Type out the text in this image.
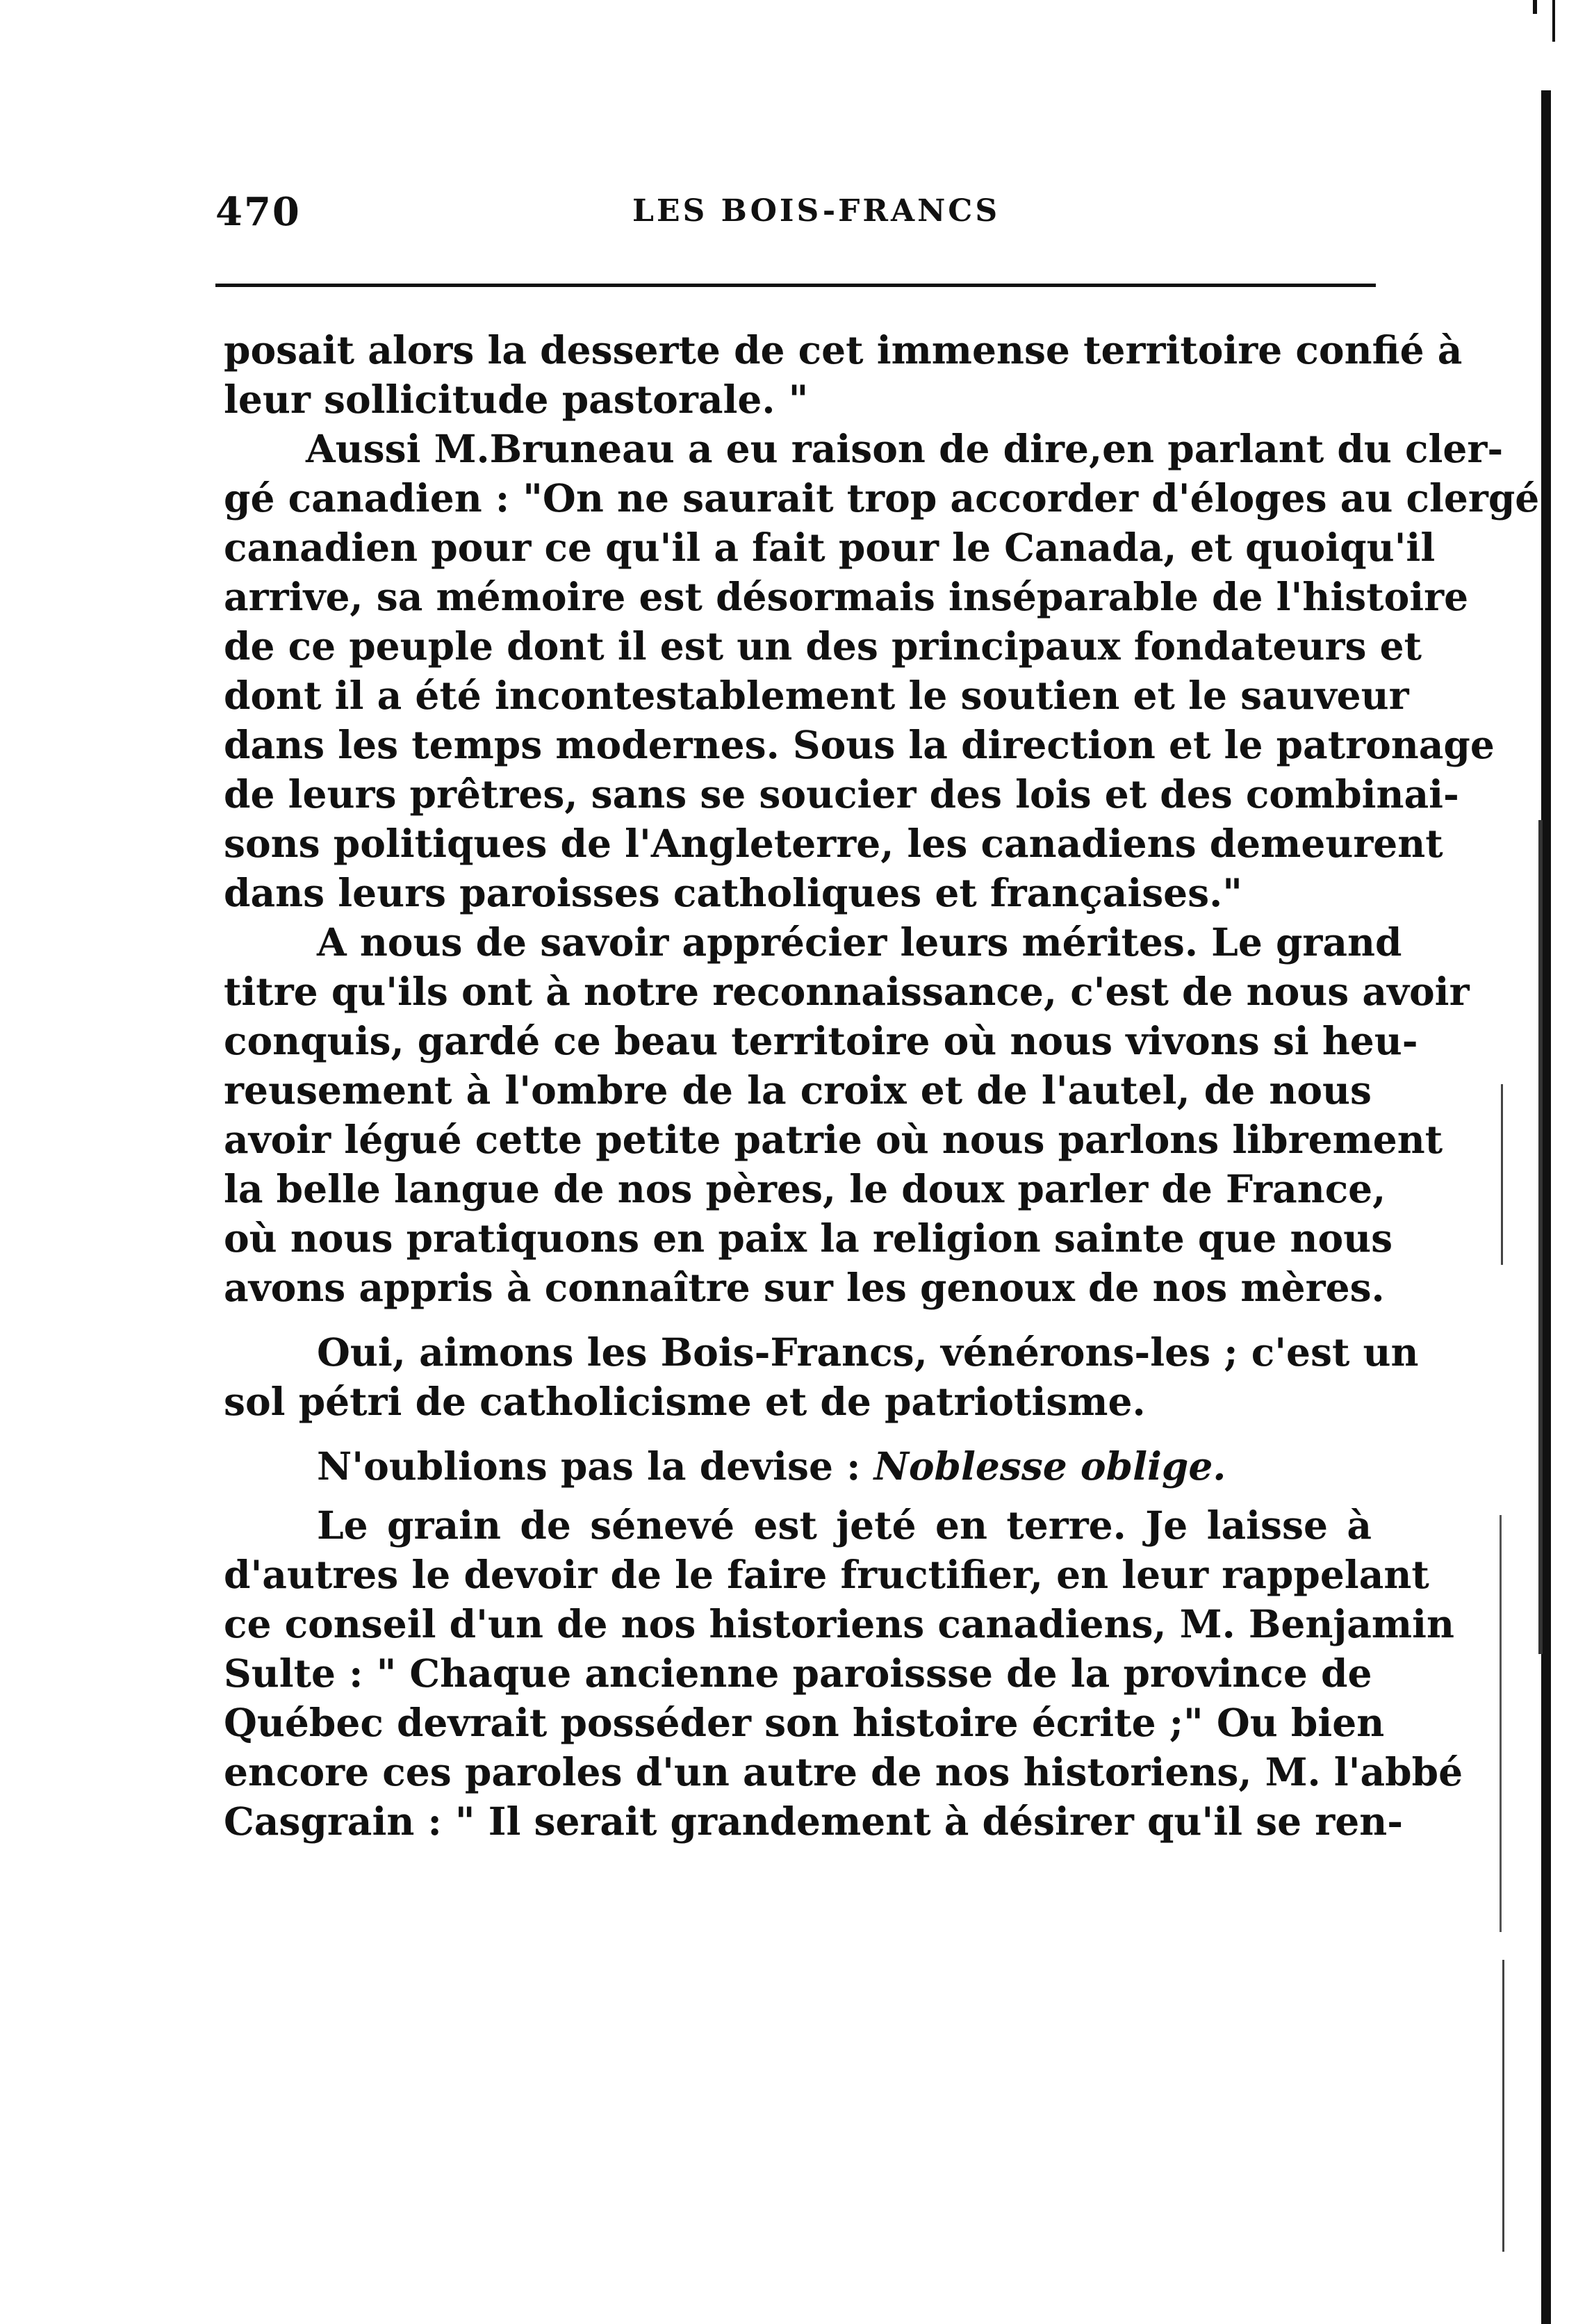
470	LES BOIS-FRANCS
posait alors la desserte de cet immense territoire confié à
leur sollicitude pastorale. "
Aussi M.Bruneau a eu raison de dire,en parlant du cler-
gé canadien : "On ne saurait trop accorder d'éloges au clergé
canadien pour ce qu'il a fait pour le Canada, et quoiqu'il
arrive, sa mémoire est désormais inséparable de l'histoire
de ce peuple dont il est un des principaux fondateurs et
dont il a été incontestablement le soutien et le sauveur
dans les temps modernes. Sous la direction et le patronage
de leurs prêtres, sans se soucier des lois et des combinai-
sons politiques de l'Angleterre, les canadiens demeurent
dans leurs paroisses catholiques et françaises."
A nous de savoir apprécier leurs mérites. Le grand
titre qu'ils ont à notre reconnaissance, c'est de nous avoir
conquis, gardé ce beau territoire où nous vivons si heu-
reusement à l'ombre de la croix et de l'autel, de nous
avoir légué cette petite patrie où nous parlons librement
la belle langue de nos pères, le doux parler de France,
où nous pratiquons en paix la religion sainte que nous
avons appris à connaître sur les genoux de nos mères.
Oui, aimons les Bois-Francs, vénérons-les ; c'est un
sol pétri de catholicisme et de patriotisme.
N'oublions pas la devise : Noblesse oblige.
Le grain de sénevé est jeté en terre. Je laisse à
d'autres le devoir de le faire fructifier, en leur rappelant
ce conseil d'un de nos historiens canadiens, M. Benjamin
Sulte : " Chaque ancienne paroissse de la province de
Québec devrait posséder son histoire écrite ;" Ou bien
encore ces paroles d'un autre de nos historiens, M. l'abbé
Casgrain : " Il serait grandement à désirer qu'il se ren-
